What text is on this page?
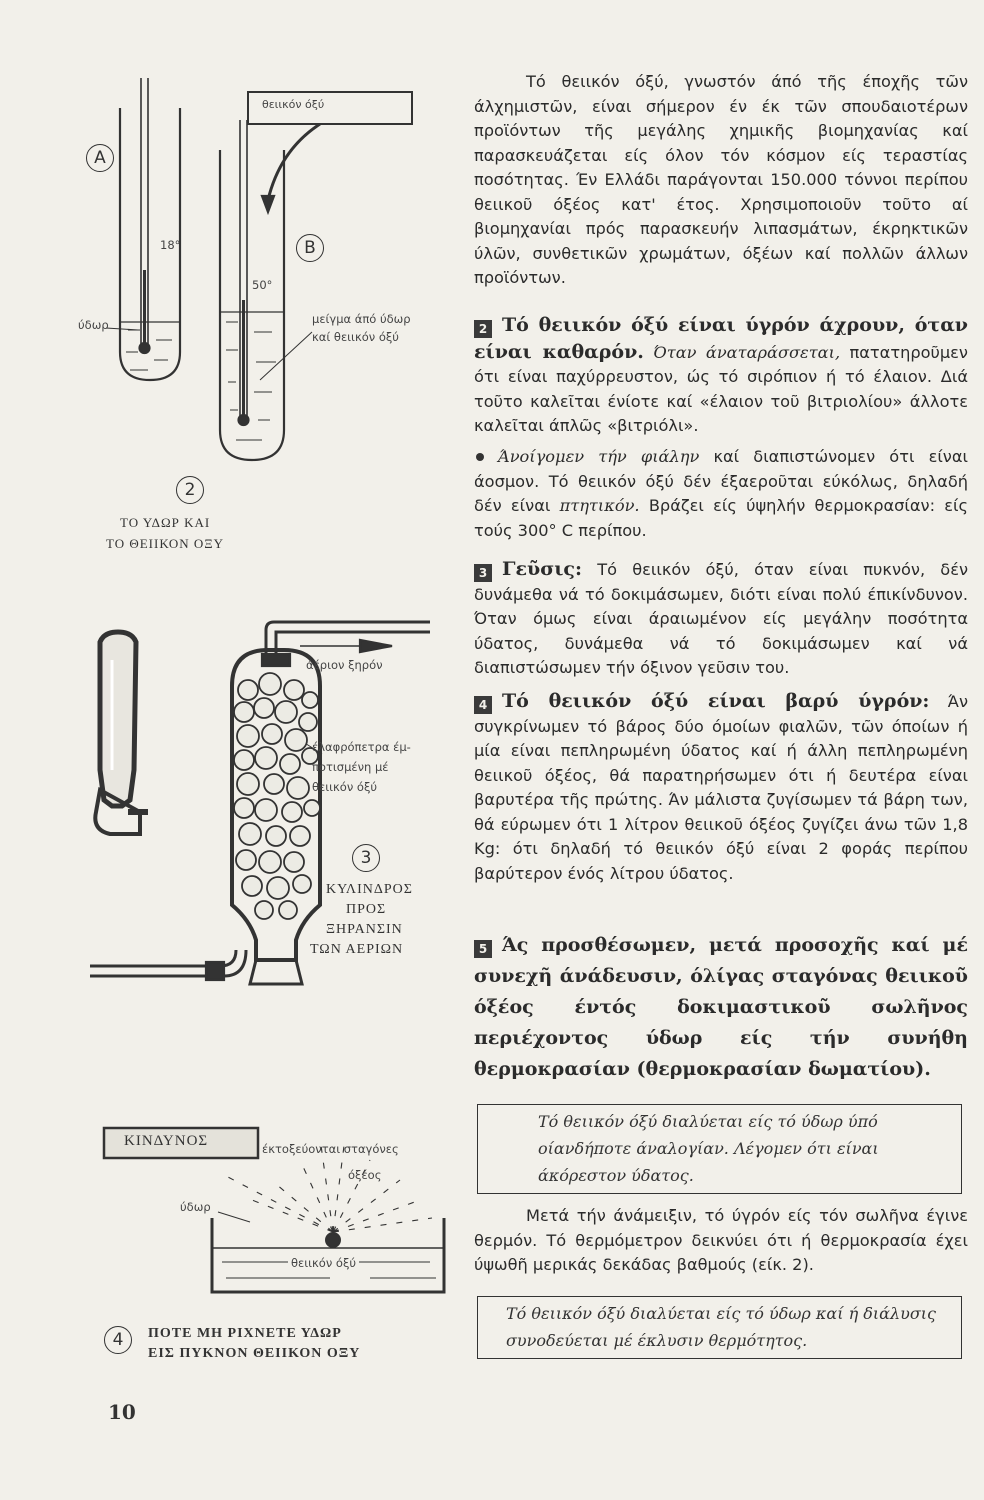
θειικόν όξύ
A
B
18°
50°
ύδωρ	μείγμα άπό ύδωρ
καί θειικόν όξύ
2
ΤΟ ΥΔΩΡ ΚΑΙ
ΤΟ ΘΕΙΙΚΟΝ ΟΞΥ
άέριον ξηρόν
έλαφρόπετρα έμ-
ποτισμένη μέ
θειικόν όξύ
3
ΚΥΛΙΝΔΡΟΣ
ΠΡΟΣ
ΞΗΡΑΝΣΙΝ
ΤΩΝ ΑΕΡΙΩΝ
ΚΙΝΔΥΝΟΣ	έκτοξεύονται σταγόνες
όξέος
ύδωρ
θειικόν όξύ
4	ΠΟΤΕ ΜΗ ΡΙΧΝΕΤΕ ΥΔΩΡ
ΕΙΣ ΠΥΚΝΟΝ ΘΕΙΙΚΟΝ ΟΞΥ

Τό θειικόν όξύ, γνωστόν άπό τῆς έποχῆς τῶν άλχημιστῶν, είναι σήμερον έν έκ τῶν σπουδαιοτέρων προϊόντων τῆς μεγάλης χημικῆς βιομηχανίας καί παρασκευάζεται είς όλον τόν κόσμον είς τεραστίας ποσότητας. Έν Ελλάδι παράγονται 150.000 τόννοι περίπου θειικοῦ όξέος κατ' έτος. Χρησιμοποιοῦν τοῦτο αί βιομηχανίαι πρός παρασκευήν λιπασμάτων, έκρηκτικῶν ύλῶν, συνθετικῶν χρωμάτων, όξέων καί πολλῶν άλλων προϊόντων.

2 Τό θειικόν όξύ είναι ύγρόν άχρουν, όταν είναι καθαρόν. Όταν άναταράσσεται, πατατηροῦμεν ότι είναι παχύρρευστον, ώς τό σιρόπιον ή τό έλαιον. Διά τοῦτο καλεῖται ένίοτε καί «έλαιον τοῦ βιτριολίου» άλλοτε καλεῖται άπλῶς «βιτριόλι».

Άνοίγομεν τήν φιάλην καί διαπιστώνομεν ότι είναι άοσμον. Τό θειικόν όξύ δέν έξαεροῦται εύκόλως, δηλαδή δέν είναι πτητικόν. Βράζει είς ύψηλήν θερμοκρασίαν: είς τούς 300° C περίπου.

3 Γεῦσις: Τό θειικόν όξύ, όταν είναι πυκνόν, δέν δυνάμεθα νά τό δοκιμάσωμεν, διότι είναι πολύ έπικίνδυνον. Όταν όμως είναι άραιωμένον είς μεγάλην ποσότητα ύδατος, δυνάμεθα νά τό δοκιμάσωμεν καί νά διαπιστώσωμεν τήν όξινον γεῦσιν του.

4 Τό θειικόν όξύ είναι βαρύ ύγρόν: Άν συγκρίνωμεν τό βάρος δύο όμοίων φιαλῶν, τῶν όποίων ή μία είναι πεπληρωμένη ύδατος καί ή άλλη πεπληρωμένη θειικοῦ όξέος, θά παρατηρήσωμεν ότι ή δευτέρα είναι βαρυτέρα τῆς πρώτης. Άν μάλιστα ζυγίσωμεν τά βάρη των, θά εύρωμεν ότι 1 λίτρον θειικοῦ όξέος ζυγίζει άνω τῶν 1,8 Kg: ότι δηλαδή τό θειικόν όξύ είναι 2 φοράς περίπου βαρύτερον ένός λίτρου ύδατος.

5 Άς προσθέσωμεν, μετά προσοχῆς καί μέ συνεχῆ άνάδευσιν, όλίγας σταγόνας θειικοῦ όξέος έντός δοκιμαστικοῦ σωλῆνος περιέχοντος ύδωρ είς τήν συνήθη θερμοκρασίαν (θερμοκρασίαν δωματίου).

Τό θειικόν όξύ διαλύεται είς τό ύδωρ ύπό οίανδήποτε άναλογίαν. Λέγομεν ότι είναι άκόρεστον ύδατος.

Μετά τήν άνάμειξιν, τό ύγρόν είς τόν σωλῆνα έγινε θερμόν. Τό θερμόμετρον δεικνύει ότι ή θερμοκρασία έχει ύψωθῆ μερικάς δεκάδας βαθμούς (είκ. 2).

Τό θειικόν όξύ διαλύεται είς τό ύδωρ καί ή διάλυσις συνοδεύεται μέ έκλυσιν θερμότητος.
10
